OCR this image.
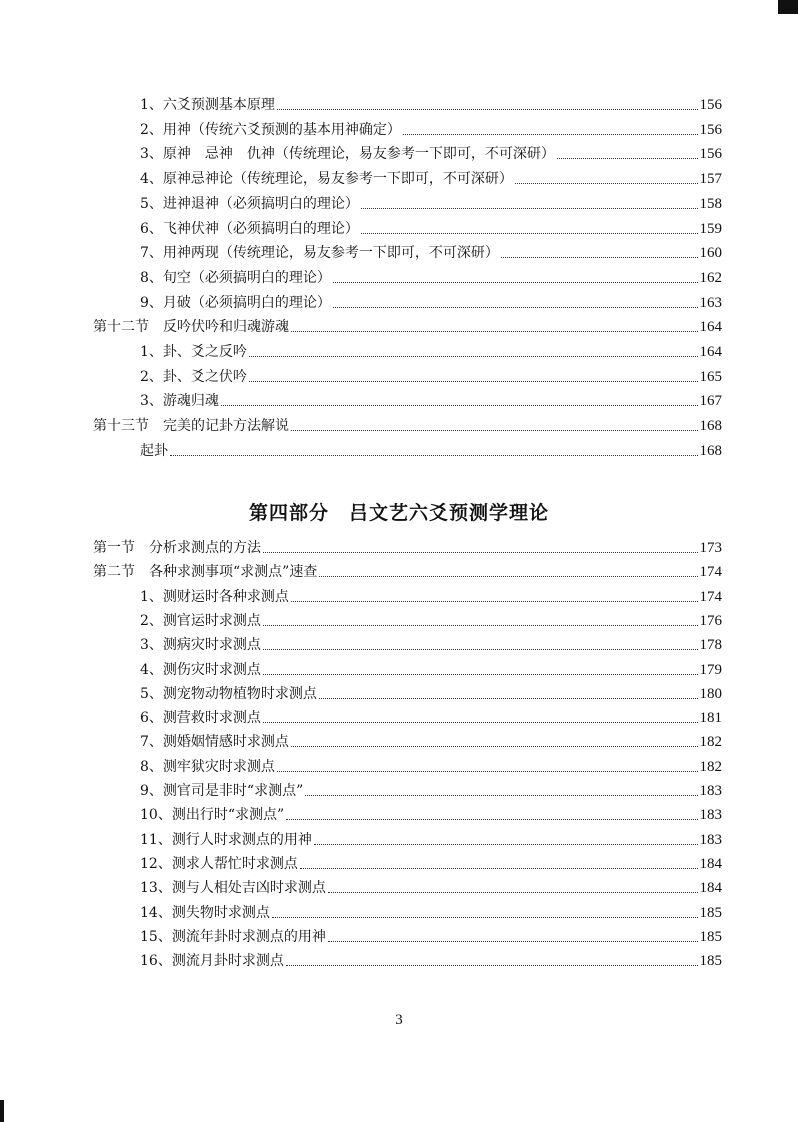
1、六爻预测基本原理	156
2、用神（传统六爻预测的基本用神确定）	156
3、原神　忌神　仇神（传统理论，易友参考一下即可，不可深研）	156
4、原神忌神论（传统理论，易友参考一下即可，不可深研）	157
5、进神退神（必须搞明白的理论）	158
6、飞神伏神（必须搞明白的理论）	159
7、用神两现（传统理论，易友参考一下即可，不可深研）	160
8、旬空（必须搞明白的理论）	162
9、月破（必须搞明白的理论）	163
第十二节　反吟伏吟和归魂游魂	164
1、卦、爻之反吟	164
2、卦、爻之伏吟	165
3、游魂归魂	167
第十三节　完美的记卦方法解说	168
起卦	168
第四部分　吕文艺六爻预测学理论
第一节　分析求测点的方法	173
第二节　各种求测事项“求测点”速查	174
1、测财运时各种求测点	174
2、测官运时求测点	176
3、测病灾时求测点	178
4、测伤灾时求测点	179
5、测宠物动物植物时求测点	180
6、测营救时求测点	181
7、测婚姻情感时求测点	182
8、测牢狱灾时求测点	182
9、测官司是非时“求测点”	183
10、测出行时“求测点”	183
11、测行人时求测点的用神	183
12、测求人帮忙时求测点	184
13、测与人相处吉凶时求测点	184
14、测失物时求测点	185
15、测流年卦时求测点的用神	185
16、测流月卦时求测点	185
3
